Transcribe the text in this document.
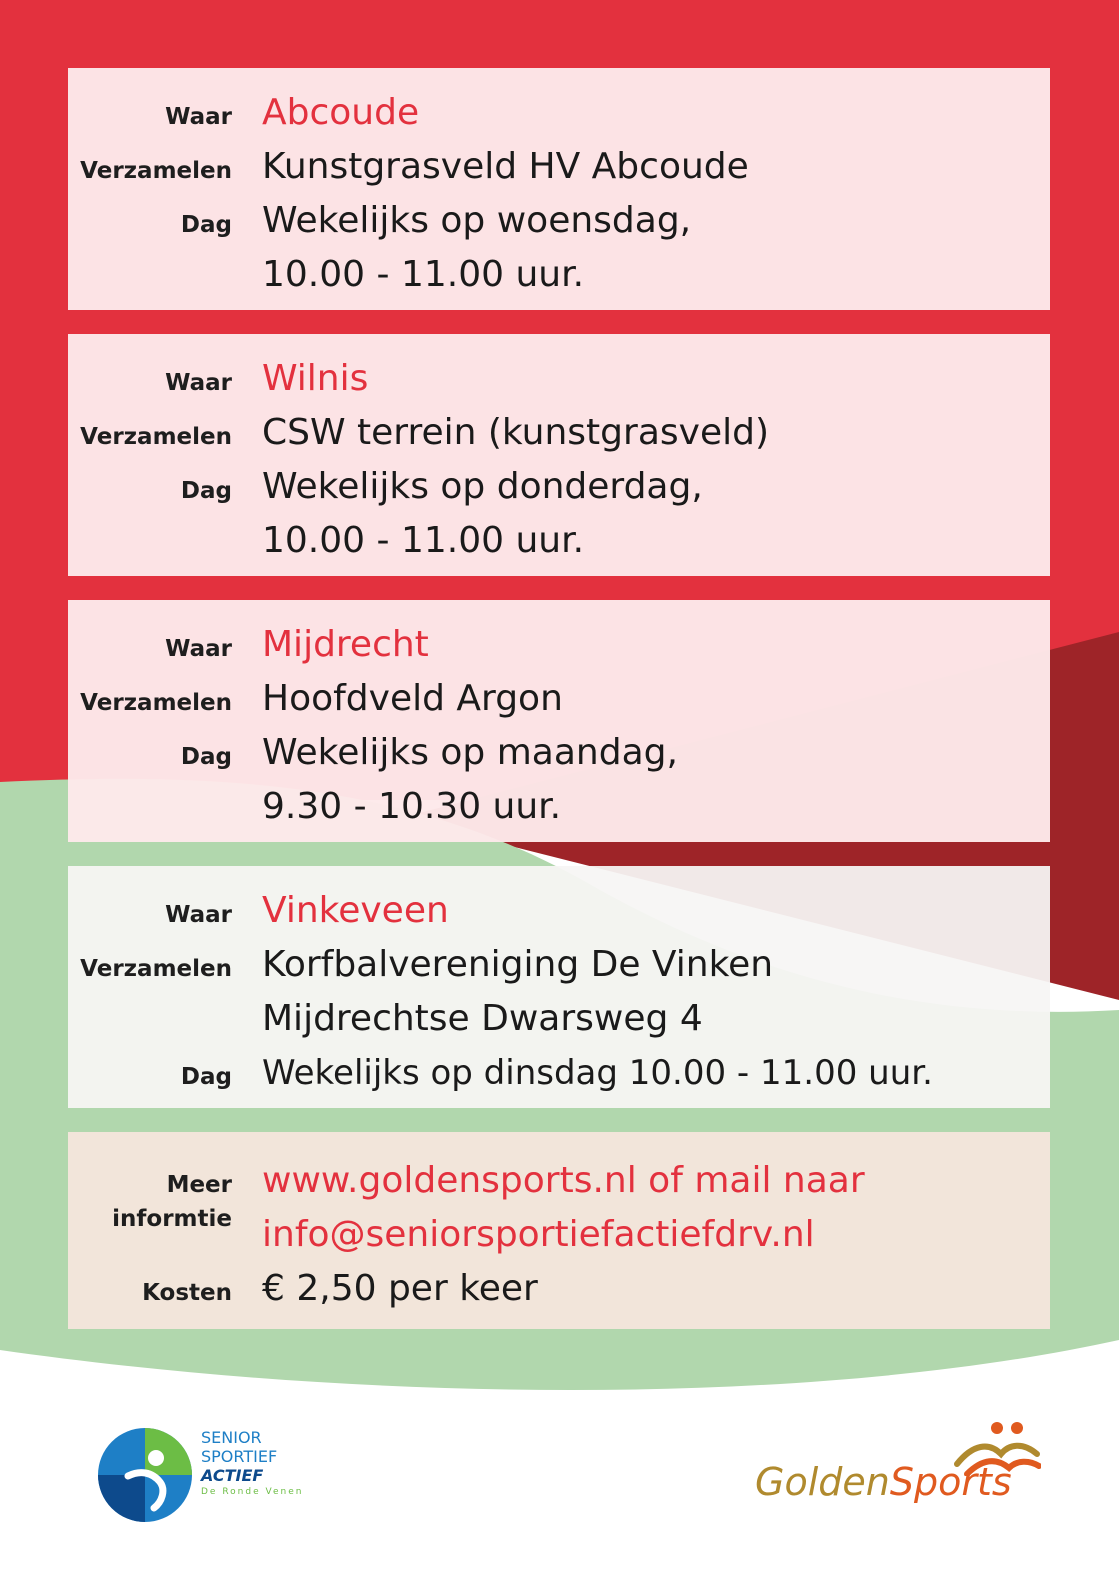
Waar Abcoude
Verzamelen Kunstgrasveld HV Abcoude
Dag Wekelijks op woensdag,
10.00 - 11.00 uur.
Waar Wilnis
Verzamelen CSW terrein (kunstgrasveld)
Dag Wekelijks op donderdag,
10.00 - 11.00 uur.
Waar Mijdrecht
Verzamelen Hoofdveld Argon
Dag Wekelijks op maandag,
9.30 - 10.30 uur.
Waar Vinkeveen
Verzamelen Korfbalvereniging De Vinken
Mijdrechtse Dwarsweg 4
Dag Wekelijks op dinsdag 10.00 - 11.00 uur.
Meer
informtie
www.goldensports.nl of mail naar
info@seniorsportiefactiefdrv.nl
Kosten € 2,50 per keer
SENIOR
SPORTIEF
ACTIEF
De Ronde Venen	GoldenSports
